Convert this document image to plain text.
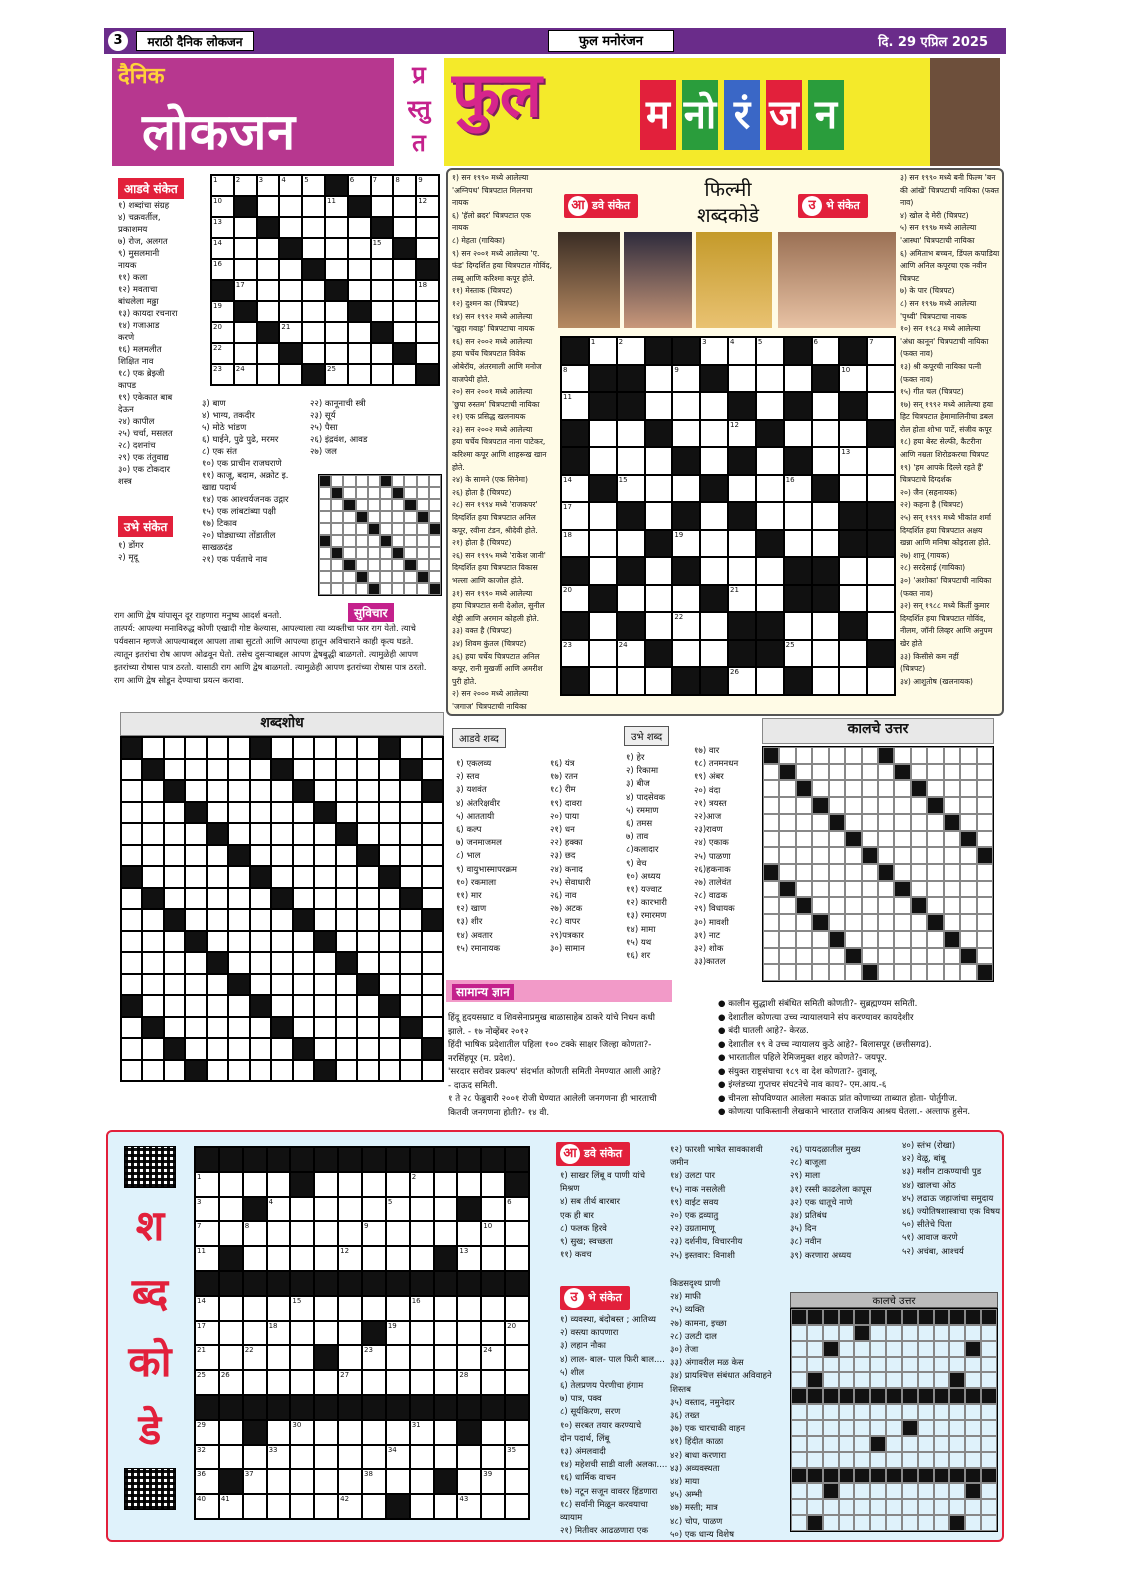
3	मराठी दैनिक लोकजन	फुल मनोरंजन	दि. 29 एप्रिल 2025
दैनिक
लोकजन
प्र
स्तु
त
फुल	म नो रं ज न
आडवे संकेत
१) शब्दांचा संग्रह
४) चक्रवर्तील,
प्रकाशमय
७) रोज, अलगत
९) मुसलमानी
नायक
११) कला
१२) मवताचा
बांधलेला मढ्ढा
१३) कायदा रचनारा
१४) गजाआड
करणे
१६) मलमलीत
शिक्षित नाव
१८) एक ब्रेझ्जी
कापड
१९) एकेकात बाब
देऊन
२४) कापील
२५) चर्चा, मसलत
२८) दशनांच
२९) एक तंतुवाद्य
३०) एक टोकदार
शस्त्र
उभे संकेत
१) डोंगर
२) मृदू
३) बाण
४) भाग्य, तकदीर
५) मोठे भांडण
६) घाईने, पुढे पुढे, मरमर
८) एक संत
१०) एक प्राचीन राजघराणे
११) काजू, बदाम, अक्रोट इ.
खाद्य पदार्थ
१४) एक आश्चर्यजनक उद्गार
१५) एक लांबटांब्या पक्षी
१७) टिकाव
२०) घोड्याच्या तोंडातील
साखळदंड
२१) एक पर्वताचे नाव
२२) कानूनाची स्त्री
२३) सूर्य
२५) पैसा
२६) इंद्रवंश, आवड
२७) जल
1	2	3	4	5	6	7	8	9
10	11	12
13
14	15
16
17	18
19
20	21
22
23 24	25
सुविचार
राग आणि द्वेष यांपासून दूर राहणारा मनुष्य आदर्श बनतो.
तात्पर्य: आपल्या मनाविरुद्ध कोणी एखादी गोष्ट केल्यास, आपल्याला त्या व्यक्तीचा फार राग येतो. त्याचे
पर्यवसान म्हणजे आपल्याबद्दल आपला ताबा सुटतो आणि आपल्या हातून अविचाराने काही कृत्य घडते.
त्यातून इतरांचा रोष आपण ओढवून घेतो. तसेच दुसऱ्याबद्दल आपण द्वेषबुद्धी बाळगतो. त्यामुळेही आपण
इतरांच्या रोषास पात्र ठरतो. यासाठी राग आणि द्वेष बाळगतो. त्यामुळेही आपण इतरांच्या रोषास पात्र ठरतो.
राग आणि द्वेष सोडून देण्याचा प्रयत्न करावा.
१) सन १९९० मध्ये आलेल्या
'अग्निपथ' चित्रपटात मिलनचा
नायक
६) 'हॅलो ब्रदर' चित्रपटात एक
नायक
८) मेहता (गायिका)
९) सन २००१ मध्ये आलेल्या 'ए.
फंड' दिग्दर्शित हया चित्रपटात गोविंद,
तब्बू आणि करिश्मा कपूर होते.
११) मेस्ताक (चित्रपट)
१२) दुश्मन का (चित्रपट)
१४) सन १९९२ मध्ये आलेल्या
'खुदा गवाह' चित्रपटाचा नायक
१६) सन २००२ मध्ये आलेल्या
हया चर्चेय चित्रपटात विवेक
ओबेरॉय, अंतरमाली आणि मनोज
वाजपेयी होते.
२०) सन २००१ मध्ये आलेल्या
'छुपा रुस्तम' चित्रपटाची नायिका
२१) एक प्रसिद्ध खलनायक
२३) सन २००२ मध्ये आलेल्या
हया चर्चेय चित्रपटात नाना पाटेकर,
करिश्मा कपूर आणि शाहरूख खान
होते.
२४) के सामने (एक सिनेमा)
२६) होता है (चित्रपट)
२८) सन १९९४ मध्ये 'राजकपर'
दिग्दर्शित हया चित्रपटात अनिल
कपूर, रवीना टंडन, श्रीदेवी होते.
२१) होता है (चित्रपट)
२६) सन १९९५ मध्ये 'राकेश जानी'
दिग्दर्शित हया चित्रपटात विकास
भल्ला आणि काजोल होते.
३१) सन १९९० मध्ये आलेल्या
हया चित्रपटात सनी देओल, सुनील
शेट्टी आणि अरमान कोहली होते.
३३) वक्त है (चित्रपट)
३४) शिवम कुंतल (चित्रपट)
३६) हया चर्चेय चित्रपटात अनिल
कपूर, रानी मुखर्जी आणि अमरीश
पुरी होते.
२) सन २००० मध्ये आलेल्या
'जगाज' चित्रपटाची नायिका
३) सन १९९० मध्ये बनी फिल्म 'बन
की आंखें' चित्रपटाची नायिका (फक्त
नाव)
४) खोल दे मेरी (चित्रपट)
५) सन १९९७ मध्ये आलेल्या
'आस्था' चित्रपटाची नायिका
६) अमिताभ बच्चन, डिंपल कपाडिया
आणि अनिल कपूरचा एक नवीन
चित्रपट
७) के पार (चित्रपट)
८) सन १९९७ मध्ये आलेल्या
'पृथ्वी' चित्रपटाचा नायक
१०) सन १९८३ मध्ये आलेल्या
'अंधा कानून' चित्रपटाची नायिका
(फक्त नाव)
१३) श्री कपूरची नायिका पत्नी
(फक्त नाव)
१५) गीत चल (चित्रपट)
१७) सन् १९९२ मध्ये आलेल्या हया
हिट चित्रपटात हेमामालिनीचा डबल
रोल होता शोभा पार्टे, संजीव कपूर
१८) हया बेस्ट सेल्फी, कैटरीना
आणि नम्रता शिरोडकरचा चित्रपट
१९) 'हम आपके दिल्ले रहते हैं'
चित्रपटाचे दिग्दर्शक
२०) जैन (सहनायक)
२२) कहना है (चित्रपट)
२५) सन् १९९९ मध्ये भीकांत शर्मा
दिग्दर्शित हया चित्रपटात अक्षय
खन्ना आणि मनिषा कोइराला होते.
२७) शानू (गायक)
२८) सरदेसाई (गायिका)
३०) 'अशोका' चित्रपटाची नायिका
(फक्त नाव)
३२) सन् १९८८ मध्ये किर्ती कुमार
दिग्दर्शित हया चित्रपटात गोविंद,
नीलम, जॉनी लिव्हर आणि अनुपम
खेर होते
३३) किसीसे कम नहीं
(चित्रपट)
३४) आशुतोष (खलनायक)
फिल्मी
शब्दकोडे
आ डवे संकेत	उ भे संकेत
1	2	3	4	5	6	7
8	9	10
11
12
13
14	15	16
17
18	19
20	21
22
23	24	25
26
शब्दशोध
आडवे शब्द	उभे शब्द
१) एकलव्य
२) स्तव
३) यशवंत
४) अंतरिक्षवीर
५) आततायी
६) कल्प
७) जनमाजमल
८) भाल
९) वायुभास्मापरक्रम
१०) रकमाला
११) मार
१२) खाण
१३) शीर
१४) अवतार
१५) रमानायक
१६) यंत्र
१७) रतन
१८) रीम
१९) दावरा
२०) पाया
२१) धन
२२) हक्का
२३) छद
२४) कनाद
२५) सेवाधारी
२६) नाव
२७) अटक
२८) वापर
२९)पत्रकार
३०) सामान
१) हेर
२) रिकामा
३) बीज
४) पादसेवक
५) रममाण
६) तमस
७) ताव
८)कलादार
९) वेच
१०) अध्यय
११) यज्वाट
१२) कारभारी
१३) रमारमण
१४) मामा
१५) यथ
१६) शर
१७) वार
१८) तनमनधन
१९) अंबर
२०) वंदा
२१) त्रयस्त
२२)आज
२३)रावण
२४) एकाक
२५) पाळणा
२६)हकनाक
२७) तालेवंत
२८) वाढक
२९) विधायक
३०) मावशी
३१) नाट
३२) शोक
३३)कातल
कालचे उत्तर
सामान्य ज्ञान
हिंदू हृदयसम्राट व शिवसेनाप्रमुख बाळासाहेब ठाकरे यांचे निधन कधी
झाले. - १७ नोव्हेंबर २०१२
हिंदी भाषिक प्रदेशातील पहिला १०० टक्के साक्षर जिल्हा कोणता?-
नरसिंहपूर (म. प्रदेश).
'सरदार सरोवर प्रकल्प' संदर्भात कोणती समिती नेमण्यात आली आहे?
- दाऊद समिती.
१ ते २८ फेब्रुवारी २००१ रोजी घेण्यात आलेली जनगणना ही भारताची
कितवी जनगणना होती?- १४ वी.
● कालीन सुद्धाशी संबंधित समिती कोणती?- सुब्रह्मण्यम समिती.
● देशातील कोणत्या उच्च न्यायालयाने संप करण्यावर कायदेशीर
● बंदी घातली आहे?- केरळ.
● देशातील १९ वे उच्च न्यायालय कुठे आहे?- बिलासपूर (छत्तीसगढ).
● भारतातील पहिले रेमिजमुक्त शहर कोणते?- जयपूर.
● संयुक्त राष्ट्रसंघाचा १८९ वा देश कोणता?- तुवालू.
● इंग्लंडच्या गुप्तचर संघटनेचे नाव काय?- एम.आय.-६
● चीनला सोपविण्यात आलेला मकाऊ प्रांत कोणाच्या ताब्यात होता- पोर्तुगीज.
● कोणत्या पाकिस्तानी लेखकाने भारतात राजकिय आश्रय घेतला.- अल्ताफ हुसेन.
श
ब्द
को
डे
1	2
3	4	5	6
7	8	9	10
11	12	13
14	15	16
17	18	19	20
21	22	23	24
25 26	27	28
29	30	31
32	33	34	35
36	37	38	39
40 41	42	43
आ डवे संकेत
१) साखर लिंबू व पाणी यांचे
मिश्रण
४) सब तीर्थ बारबार
एक ही बार
८) फलक हिरवे
९) सुख; स्वच्छता
११) कवच
१२) फारशी भाषेत सावकाशवी
जमीन
१४) उलटा पार
१५) नाक नसलेली
१९) वाईट सवय
२०) एक द्रव्यातु
२२) उग्रतामाणू
२३) दर्शनीय, विचारनीय
२५) इस्तवार: विनाशी
२६) पायदळातील मुख्य
२८) बाजूला
२९) माला
३१) रस्सी काढलेला कापूस
३२) एक धातूचे नाणे
३४) प्रतिबंध
३५) दिन
३८) नवीन
३९) करणारा अध्यय
४०) स्तंभ (रोखा)
४२) वेळू, बांबू
४३) मशीन टाकण्याची पुड
४४) खालचा ओठ
४५) लढाऊ जहाजांचा समुदाय
४६) ज्योतिषशास्त्राचा एक विषय
५०) सीतेचे पिता
५१) आवाज करणे
५२) अचंबा, आश्चर्य
उ भे संकेत
१) व्यवस्था, बंदोबस्त ; आतिथ्य
२) वस्त्या कापणारा
३) लहान नौका
४) लाल- बाल- पाल फिरी बाल....
५) शील
६) तेलप्रणय पेरणीचा हंगाम
७) पात्र, पक्व
८) सूर्यकिरण, सरण
१०) सरबत तयार करण्याचे
दोन पदार्थ, लिंबू
१३) अंमलवादी
१४) महेशची साडी वाली अलका....
१६) धार्मिक वाचन
१७) नटून सजून वावरर हिंडणारा
१८) सर्वांनी मिळून करवयाचा
व्यायाम
२१) मितीवर आढळणारा एक
किडसदृश्य प्राणी
२४) माफी
२५) व्यक्ति
२७) कामना, इच्छा
२८) उलटी दाल
३०) तेजा
३३) अंगावरील मळ केस
३४) प्रायश्चित्त संबंधात अविवाहने
शिस्तब
३५) वस्ताद, नमुनेदार
३६) तख्त
३७) एक चारचाकी वाहन
४१) हिंदीत काळा
४२) बाधा करणारा
४३) अव्यवस्थता
४४) माया
४५) अम्भी
४७) मस्ती; मात्र
४८) चोप, पाळण
५०) एक धान्य विशेष
कालचे उत्तर
